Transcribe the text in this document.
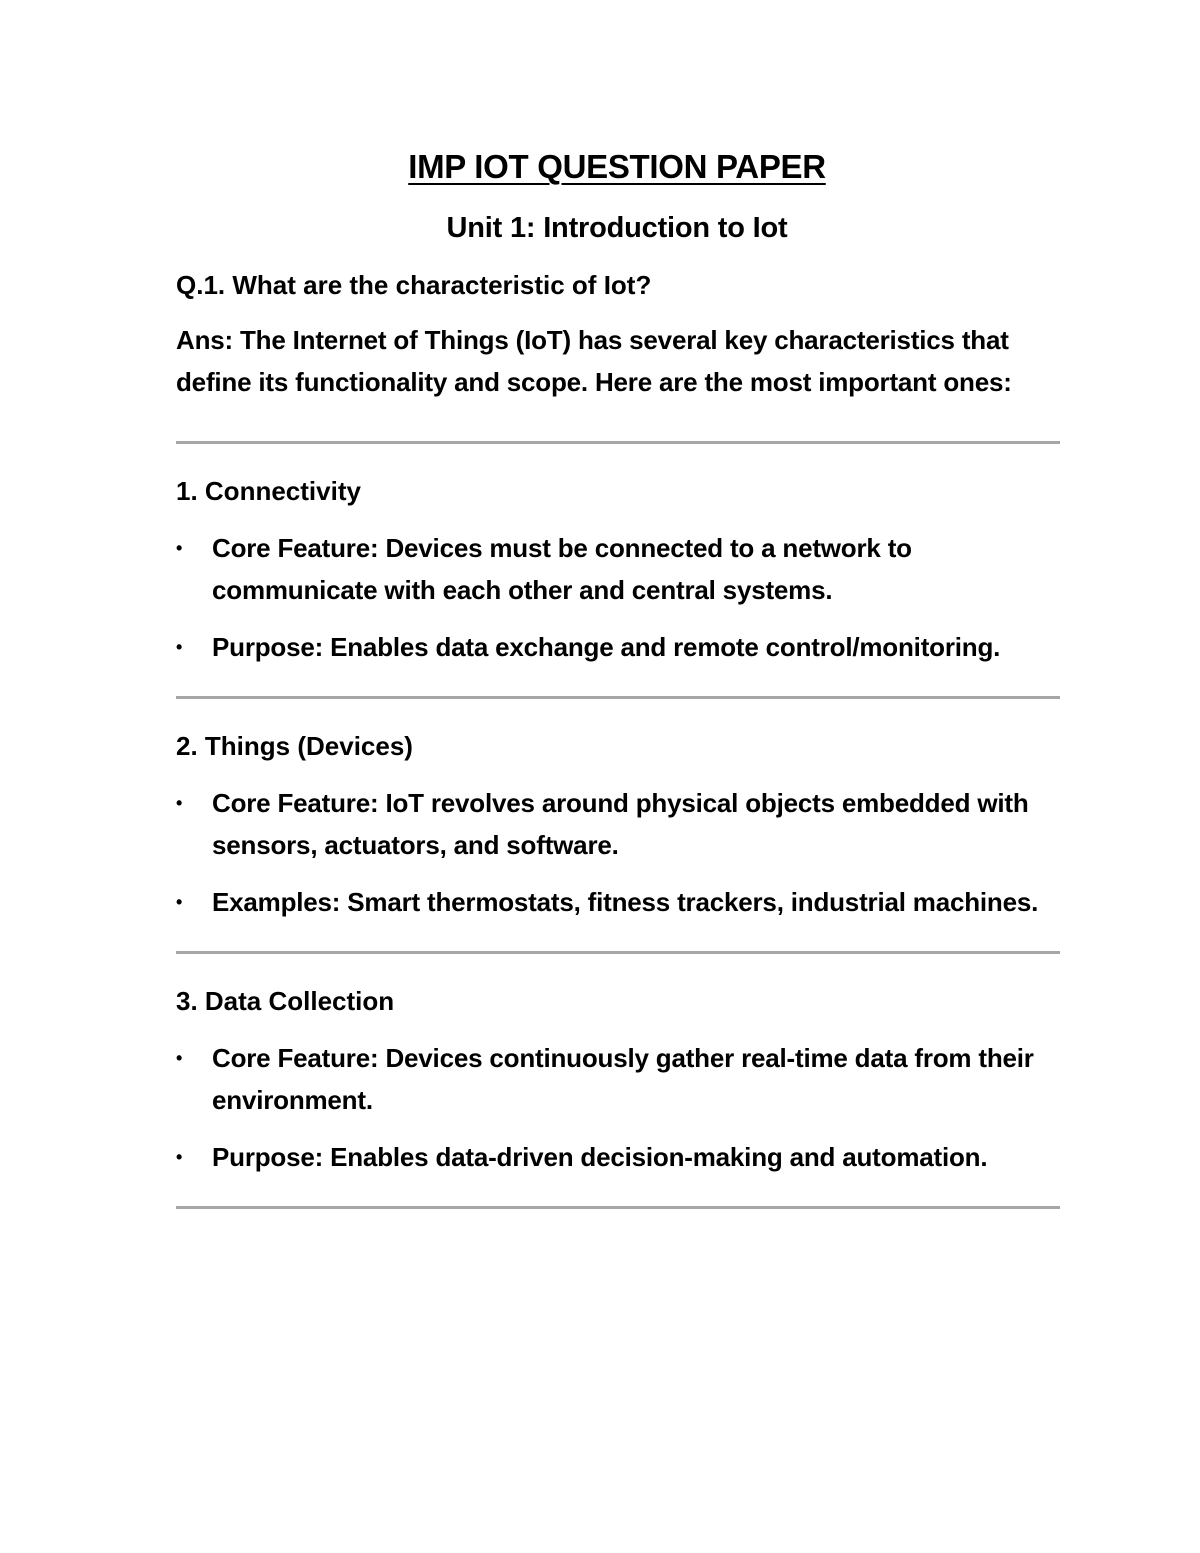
IMP IOT QUESTION PAPER
Unit 1: Introduction to Iot

Q.1. What are the characteristic of Iot?

Ans: The Internet of Things (IoT) has several key characteristics that define its functionality and scope. Here are the most important ones:

1. Connectivity

• Core Feature: Devices must be connected to a network to communicate with each other and central systems.
• Purpose: Enables data exchange and remote control/monitoring.

2. Things (Devices)

• Core Feature: IoT revolves around physical objects embedded with sensors, actuators, and software.
• Examples: Smart thermostats, fitness trackers, industrial machines.

3. Data Collection

• Core Feature: Devices continuously gather real-time data from their environment.
• Purpose: Enables data-driven decision-making and automation.
